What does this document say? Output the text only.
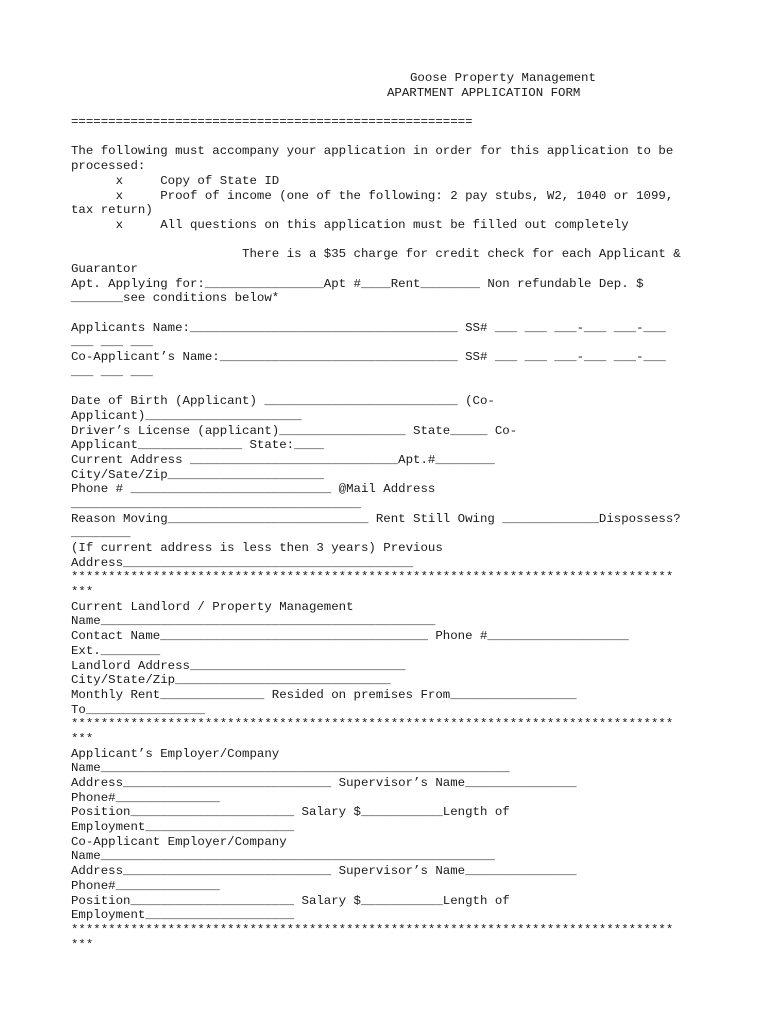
Goose Property Management
APARTMENT APPLICATION FORM
======================================================
The following must accompany your application in order for this application to be
processed:
x     Copy of State ID
x     Proof of income (one of the following: 2 pay stubs, W2, 1040 or 1099,
tax return)
x     All questions on this application must be filled out completely
There is a $35 charge for credit check for each Applicant &
Guarantor
Apt. Applying for:________________Apt #____Rent________ Non refundable Dep. $
_______see conditions below*
Applicants Name:____________________________________ SS# ___ ___ ___-___ ___-___
___ ___ ___
Co-Applicant’s Name:________________________________ SS# ___ ___ ___-___ ___-___
___ ___ ___
Date of Birth (Applicant) __________________________ (Co-
Applicant)_____________________
Driver’s License (applicant)_________________ State_____ Co-
Applicant______________ State:____
Current Address ____________________________Apt.#________
City/Sate/Zip_____________________
Phone # ___________________________ @Mail Address
_______________________________________
Reason Moving___________________________ Rent Still Owing _____________Dispossess?
________
(If current address is less then 3 years) Previous
Address_______________________________________
*********************************************************************************
***
Current Landlord / Property Management
Name_____________________________________________
Contact Name____________________________________ Phone #___________________
Ext.________
Landlord Address_____________________________
City/State/Zip_____________________________
Monthly Rent______________ Resided on premises From_________________
To________________
*********************************************************************************
***
Applicant’s Employer/Company
Name_______________________________________________________
Address____________________________ Supervisor’s Name_______________
Phone#______________
Position______________________ Salary $___________Length of
Employment____________________
Co-Applicant Employer/Company
Name_____________________________________________________
Address____________________________ Supervisor’s Name_______________
Phone#______________
Position______________________ Salary $___________Length of
Employment____________________
*********************************************************************************
***
